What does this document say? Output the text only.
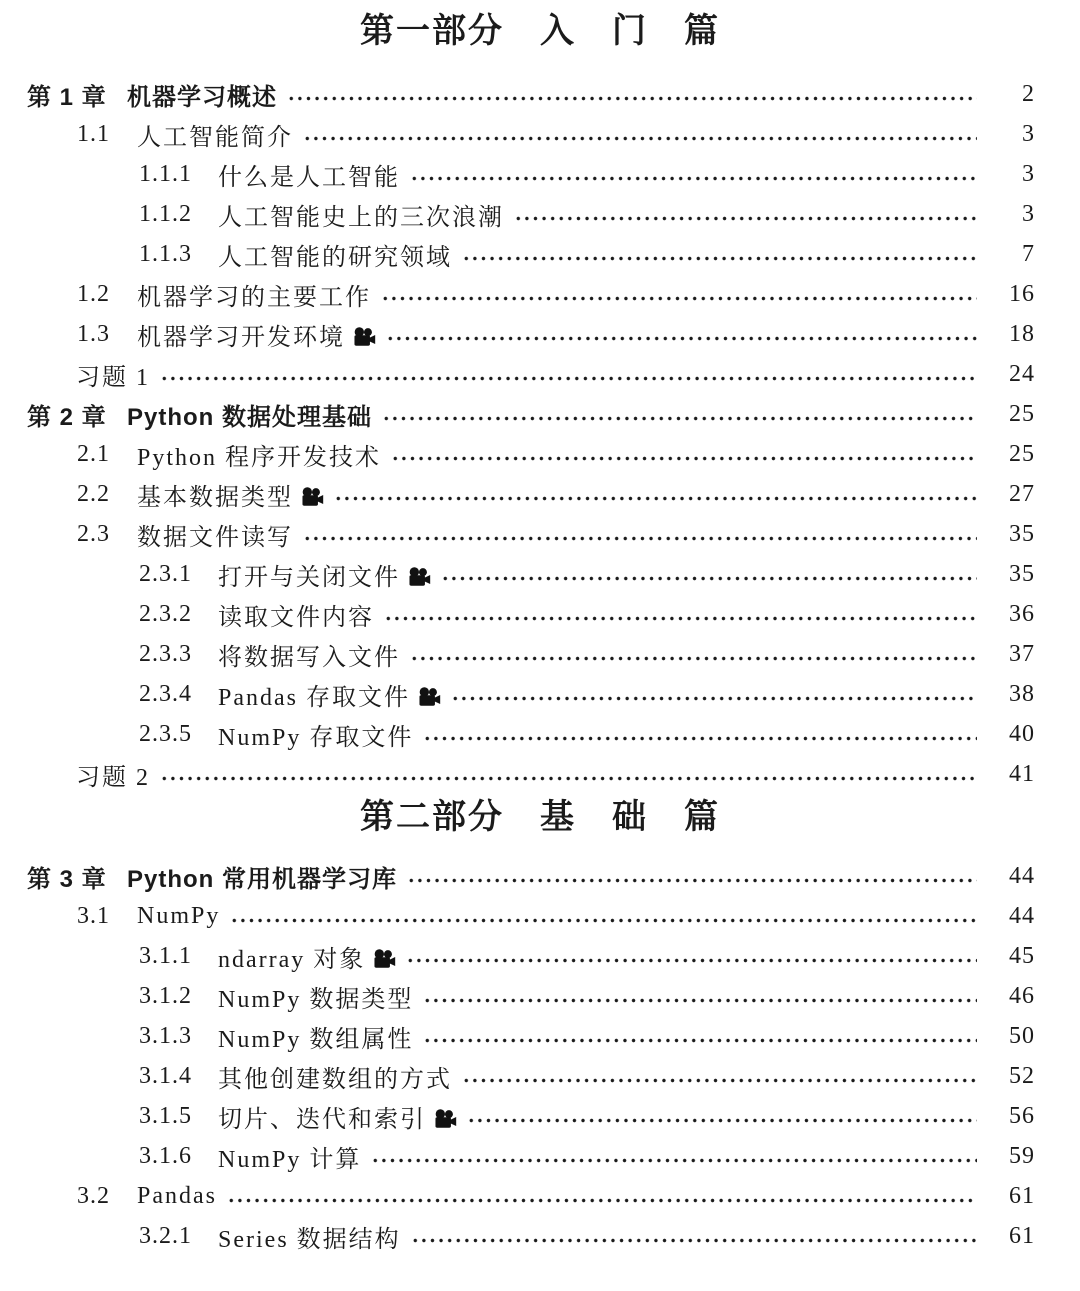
第一部分　入　门　篇
第 1 章 机器学习概述	2
1.1	人工智能简介	3
1.1.1	什么是人工智能	3
1.1.2	人工智能史上的三次浪潮	3
1.1.3	人工智能的研究领域	7
1.2	机器学习的主要工作	16
1.3	机器学习开发环境	18
习题 1	24
第 2 章 Python 数据处理基础	25
2.1	Python 程序开发技术	25
2.2	基本数据类型	27
2.3	数据文件读写	35
2.3.1	打开与关闭文件	35
2.3.2	读取文件内容	36
2.3.3	将数据写入文件	37
2.3.4	Pandas 存取文件	38
2.3.5	NumPy 存取文件	40
习题 2	41
第二部分　基　础　篇
第 3 章 Python 常用机器学习库	44
3.1	NumPy	44
3.1.1	ndarray 对象	45
3.1.2	NumPy 数据类型	46
3.1.3	NumPy 数组属性	50
3.1.4	其他创建数组的方式	52
3.1.5	切片、迭代和索引	56
3.1.6	NumPy 计算	59
3.2	Pandas	61
3.2.1	Series 数据结构	61
